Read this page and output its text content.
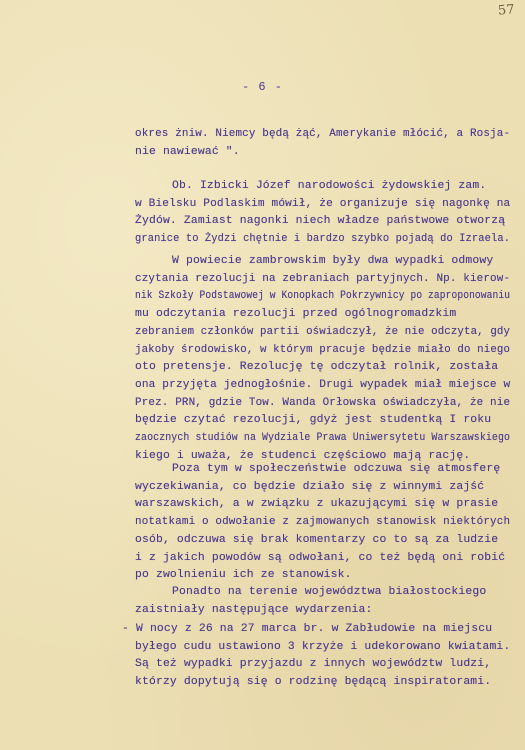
57
- 6 -
okres żniw. Niemcy będą żąć, Amerykanie młócić, a Rosja-
nie nawiewać ".
Ob. Izbicki Józef narodowości żydowskiej zam.
w Bielsku Podlaskim mówił, że organizuje się nagonkę na
Żydów. Zamiast nagonki niech władze państwowe otworzą
granice to Żydzi chętnie i bardzo szybko pojadą do Izraela.
W powiecie zambrowskim były dwa wypadki odmowy
czytania rezolucji na zebraniach partyjnych. Np. kierow-
nik Szkoły Podstawowej w Konopkach Pokrzywnicy po zaproponowaniu
mu odczytania rezolucji przed ogólnogromadzkim
zebraniem członków partii oświadczył, że nie odczyta, gdy
jakoby środowisko, w którym pracuje będzie miało do niego
oto pretensje. Rezolucję tę odczytał rolnik, została
ona przyjęta jednogłośnie. Drugi wypadek miał miejsce w
Prez. PRN, gdzie Tow. Wanda Orłowska oświadczyła, że nie
będzie czytać rezolucji, gdyż jest studentką I roku
zaocznych studiów na Wydziale Prawa Uniwersytetu Warszawskiego
kiego i uważa, że studenci częściowo mają rację.
Poza tym w społeczeństwie odczuwa się atmosferę
wyczekiwania, co będzie działo się z winnymi zajść
warszawskich, a w związku z ukazującymi się w prasie
notatkami o odwołanie z zajmowanych stanowisk niektórych
osób, odczuwa się brak komentarzy co to są za ludzie
i z jakich powodów są odwołani, co też będą oni robić
po zwolnieniu ich ze stanowisk.
Ponadto na terenie województwa białostockiego
zaistniały następujące wydarzenia:
- W nocy z 26 na 27 marca br. w Zabłudowie na miejscu
byłego cudu ustawiono 3 krzyże i udekorowano kwiatami.
Są też wypadki przyjazdu z innych województw ludzi,
którzy dopytują się o rodzinę będącą inspiratorami.
